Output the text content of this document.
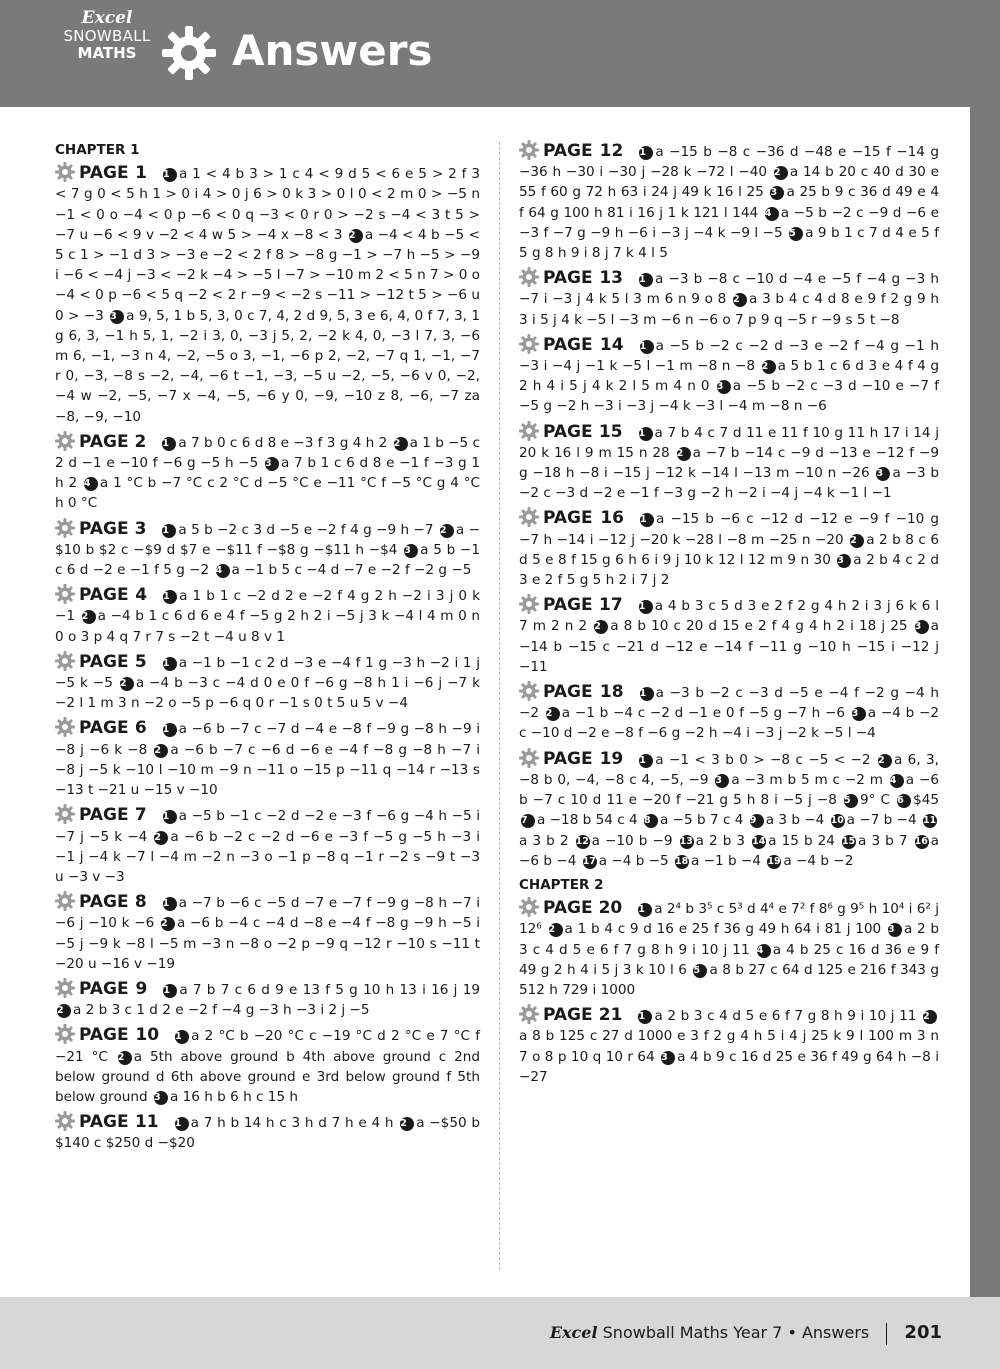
Excel
SNOWBALL
MATHS	Answers
CHAPTER 1
PAGE 1 1 a 1 < 4 b 3 > 1 c 4 < 9 d 5 < 6 e 5 > 2 f 3 < 7 g 0 < 5 h 1 > 0 i 4 > 0 j 6 > 0 k 3 > 0 l 0 < 2 m 0 > −5 n −1 < 0 o −4 < 0 p −6 < 0 q −3 < 0 r 0 > −2 s −4 < 3 t 5 > −7 u −6 < 9 v −2 < 4 w 5 > −4 x −8 < 3 2 a −4 < 4 b −5 < 5 c 1 > −1 d 3 > −3 e −2 < 2 f 8 > −8 g −1 > −7 h −5 > −9 i −6 < −4 j −3 < −2 k −4 > −5 l −7 > −10 m 2 < 5 n 7 > 0 o −4 < 0 p −6 < 5 q −2 < 2 r −9 < −2 s −11 > −12 t 5 > −6 u 0 > −3 3 a 9, 5, 1 b 5, 3, 0 c 7, 4, 2 d 9, 5, 3 e 6, 4, 0 f 7, 3, 1 g 6, 3, −1 h 5, 1, −2 i 3, 0, −3 j 5, 2, −2 k 4, 0, −3 l 7, 3, −6 m 6, −1, −3 n 4, −2, −5 o 3, −1, −6 p 2, −2, −7 q 1, −1, −7 r 0, −3, −8 s −2, −4, −6 t −1, −3, −5 u −2, −5, −6 v 0, −2, −4 w −2, −5, −7 x −4, −5, −6 y 0, −9, −10 z 8, −6, −7 za −8, −9, −10
PAGE 2 1 a 7 b 0 c 6 d 8 e −3 f 3 g 4 h 2 2 a 1 b −5 c 2 d −1 e −10 f −6 g −5 h −5 3 a 7 b 1 c 6 d 8 e −1 f −3 g 1 h 2 4 a 1 °C b −7 °C c 2 °C d −5 °C e −11 °C f −5 °C g 4 °C h 0 °C
PAGE 3 1 a 5 b −2 c 3 d −5 e −2 f 4 g −9 h −7 2 a −$10 b $2 c −$9 d $7 e −$11 f −$8 g −$11 h −$4 3 a 5 b −1 c 6 d −2 e −1 f 5 g −2 4 a −1 b 5 c −4 d −7 e −2 f −2 g −5
PAGE 4 1 a 1 b 1 c −2 d 2 e −2 f 4 g 2 h −2 i 3 j 0 k −1 2 a −4 b 1 c 6 d 6 e 4 f −5 g 2 h 2 i −5 j 3 k −4 l 4 m 0 n 0 o 3 p 4 q 7 r 7 s −2 t −4 u 8 v 1
PAGE 5 1 a −1 b −1 c 2 d −3 e −4 f 1 g −3 h −2 i 1 j −5 k −5 2 a −4 b −3 c −4 d 0 e 0 f −6 g −8 h 1 i −6 j −7 k −2 l 1 m 3 n −2 o −5 p −6 q 0 r −1 s 0 t 5 u 5 v −4
PAGE 6 1 a −6 b −7 c −7 d −4 e −8 f −9 g −8 h −9 i −8 j −6 k −8 2 a −6 b −7 c −6 d −6 e −4 f −8 g −8 h −7 i −8 j −5 k −10 l −10 m −9 n −11 o −15 p −11 q −14 r −13 s −13 t −21 u −15 v −10
PAGE 7 1 a −5 b −1 c −2 d −2 e −3 f −6 g −4 h −5 i −7 j −5 k −4 2 a −6 b −2 c −2 d −6 e −3 f −5 g −5 h −3 i −1 j −4 k −7 l −4 m −2 n −3 o −1 p −8 q −1 r −2 s −9 t −3 u −3 v −3
PAGE 8 1 a −7 b −6 c −5 d −7 e −7 f −9 g −8 h −7 i −6 j −10 k −6 2 a −6 b −4 c −4 d −8 e −4 f −8 g −9 h −5 i −5 j −9 k −8 l −5 m −3 n −8 o −2 p −9 q −12 r −10 s −11 t −20 u −16 v −19
PAGE 9 1 a 7 b 7 c 6 d 9 e 13 f 5 g 10 h 13 i 16 j 19 2 a 2 b 3 c 1 d 2 e −2 f −4 g −3 h −3 i 2 j −5
PAGE 10 1 a 2 °C b −20 °C c −19 °C d 2 °C e 7 °C f −21 °C 2 a 5th above ground b 4th above ground c 2nd below ground d 6th above ground e 3rd below ground f 5th below ground 3 a 16 h b 6 h c 15 h
PAGE 11 1 a 7 h b 14 h c 3 h d 7 h e 4 h 2 a −$50 b $140 c $250 d −$20
PAGE 12 1 a −15 b −8 c −36 d −48 e −15 f −14 g −36 h −30 i −30 j −28 k −72 l −40 2 a 14 b 20 c 40 d 30 e 55 f 60 g 72 h 63 i 24 j 49 k 16 l 25 3 a 25 b 9 c 36 d 49 e 4 f 64 g 100 h 81 i 16 j 1 k 121 l 144 4 a −5 b −2 c −9 d −6 e −3 f −7 g −9 h −6 i −3 j −4 k −9 l −5 5 a 9 b 1 c 7 d 4 e 5 f 5 g 8 h 9 i 8 j 7 k 4 l 5
PAGE 13 1 a −3 b −8 c −10 d −4 e −5 f −4 g −3 h −7 i −3 j 4 k 5 l 3 m 6 n 9 o 8 2 a 3 b 4 c 4 d 8 e 9 f 2 g 9 h 3 i 5 j 4 k −5 l −3 m −6 n −6 o 7 p 9 q −5 r −9 s 5 t −8
PAGE 14 1 a −5 b −2 c −2 d −3 e −2 f −4 g −1 h −3 i −4 j −1 k −5 l −1 m −8 n −8 2 a 5 b 1 c 6 d 3 e 4 f 4 g 2 h 4 i 5 j 4 k 2 l 5 m 4 n 0 3 a −5 b −2 c −3 d −10 e −7 f −5 g −2 h −3 i −3 j −4 k −3 l −4 m −8 n −6
PAGE 15 1 a 7 b 4 c 7 d 11 e 11 f 10 g 11 h 17 i 14 j 20 k 16 l 9 m 15 n 28 2 a −7 b −14 c −9 d −13 e −12 f −9 g −18 h −8 i −15 j −12 k −14 l −13 m −10 n −26 3 a −3 b −2 c −3 d −2 e −1 f −3 g −2 h −2 i −4 j −4 k −1 l −1
PAGE 16 1 a −15 b −6 c −12 d −12 e −9 f −10 g −7 h −14 i −12 j −20 k −28 l −8 m −25 n −20 2 a 2 b 8 c 6 d 5 e 8 f 15 g 6 h 6 i 9 j 10 k 12 l 12 m 9 n 30 3 a 2 b 4 c 2 d 3 e 2 f 5 g 5 h 2 i 7 j 2
PAGE 17 1 a 4 b 3 c 5 d 3 e 2 f 2 g 4 h 2 i 3 j 6 k 6 l 7 m 2 n 2 2 a 8 b 10 c 20 d 15 e 2 f 4 g 4 h 2 i 18 j 25 3 a −14 b −15 c −21 d −12 e −14 f −11 g −10 h −15 i −12 j −11
PAGE 18 1 a −3 b −2 c −3 d −5 e −4 f −2 g −4 h −2 2 a −1 b −4 c −2 d −1 e 0 f −5 g −7 h −6 3 a −4 b −2 c −10 d −2 e −8 f −6 g −2 h −4 i −3 j −2 k −5 l −4
PAGE 19 1 a −1 < 3 b 0 > −8 c −5 < −2 2 a 6, 3, −8 b 0, −4, −8 c 4, −5, −9 3 a −3 m b 5 m c −2 m 4 a −6 b −7 c 10 d 11 e −20 f −21 g 5 h 8 i −5 j −8 5 9° C 6 $45 7 a −18 b 54 c 4 8 a −5 b 7 c 4 9 a 3 b −4 10 a −7 b −4 11a 3 b 2 12 a −10 b −9 13 a 2 b 3 14 a 15 b 24 15 a 3 b 7 16 a −6 b −4 17 a −4 b −5 18 a −1 b −4 19 a −4 b −2
CHAPTER 2
PAGE 20 1 a 2⁴ b 3⁵ c 5³ d 4⁴ e 7² f 8⁶ g 9⁵ h 10⁴ i 6² j 12⁶ 2 a 1 b 4 c 9 d 16 e 25 f 36 g 49 h 64 i 81 j 100 3 a 2 b 3 c 4 d 5 e 6 f 7 g 8 h 9 i 10 j 11 4 a 4 b 25 c 16 d 36 e 9 f 49 g 2 h 4 i 5 j 3 k 10 l 6 5 a 8 b 27 c 64 d 125 e 216 f 343 g 512 h 729 i 1000
PAGE 21 1 a 2 b 3 c 4 d 5 e 6 f 7 g 8 h 9 i 10 j 11 2a 8 b 125 c 27 d 1000 e 3 f 2 g 4 h 5 i 4 j 25 k 9 l 100 m 3 n 7 o 8 p 10 q 10 r 64 3 a 4 b 9 c 16 d 25 e 36 f 49 g 64 h −8 i −27
Excel Snowball Maths Year 7 • Answers 201
